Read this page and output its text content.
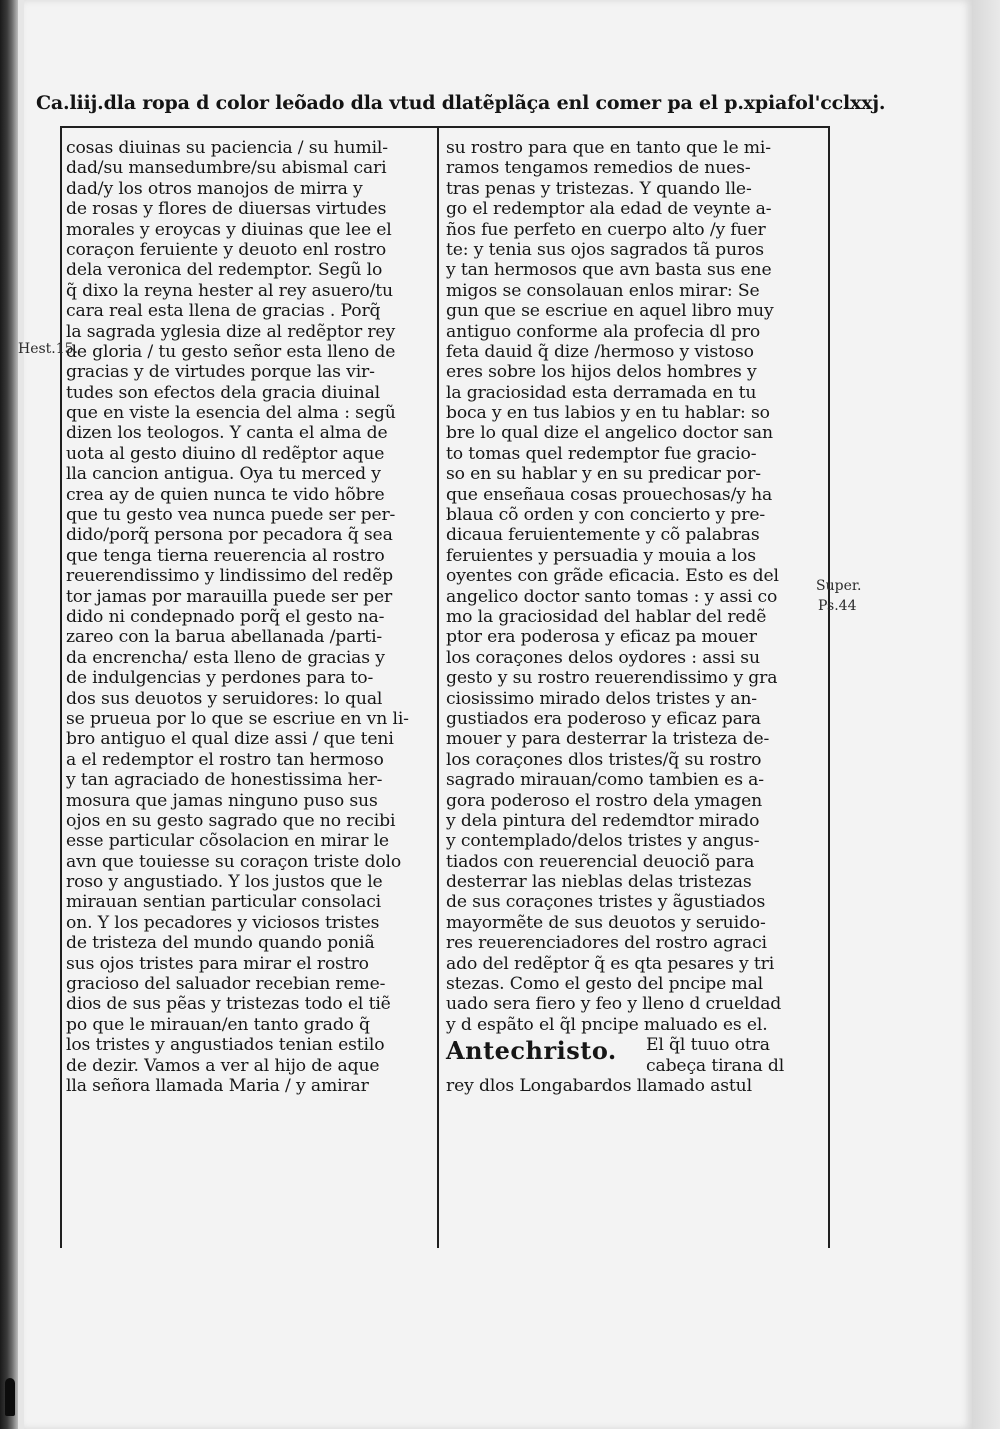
Ca.liij.dla ropa d color leõado dla vtud dlatẽplãça enl comer pa el p.xpia fol'cclxxj.
Hest.15.
Super.
Ps.44
cosas diuinas su paciencia / su humil-
dad/su mansedumbre/su abismal cari
dad/y los otros manojos de mirra y
de rosas y flores de diuersas virtudes
morales y eroycas y diuinas que lee el
coraçon feruiente y deuoto enl rostro
dela veronica del redemptor. Segũ lo
q̃ dixo la reyna hester al rey asuero/tu
cara real esta llena de gracias . Porq̃
la sagrada yglesia dize al redẽptor rey
de gloria / tu gesto señor esta lleno de
gracias y de virtudes porque las vir-
tudes son efectos dela gracia diuinal
que en viste la esencia del alma : segũ
dizen los teologos. Y canta el alma de
uota al gesto diuino dl redẽptor aque
lla cancion antigua. Oya tu merced y
crea ay de quien nunca te vido hõbre
que tu gesto vea nunca puede ser per-
dido/porq̃ persona por pecadora q̃ sea
que tenga tierna reuerencia al rostro
reuerendissimo y lindissimo del redẽp
tor jamas por marauilla puede ser per
dido ni condepnado porq̃ el gesto na-
zareo con la barua abellanada /parti-
da encrencha/ esta lleno de gracias y
de indulgencias y perdones para to-
dos sus deuotos y seruidores: lo qual
se prueua por lo que se escriue en vn li-
bro antiguo el qual dize assi / que teni
a el redemptor el rostro tan hermoso
y tan agraciado de honestissima her-
mosura que jamas ninguno puso sus
ojos en su gesto sagrado que no recibi
esse particular cõsolacion en mirar le
avn que touiesse su coraçon triste dolo
roso y angustiado. Y los justos que le
mirauan sentian particular consolaci
on. Y los pecadores y viciosos tristes
de tristeza del mundo quando poniã
sus ojos tristes para mirar el rostro
gracioso del saluador recebian reme-
dios de sus pẽas y tristezas todo el tiẽ
po que le mirauan/en tanto grado q̃
los tristes y angustiados tenian estilo
de dezir. Vamos a ver al hijo de aque
lla señora llamada Maria / y amirar
su rostro para que en tanto que le mi-
ramos tengamos remedios de nues-
tras penas y tristezas. Y quando lle-
go el redemptor ala edad de veynte a-
ños fue perfeto en cuerpo alto /y fuer
te: y tenia sus ojos sagrados tã puros
y tan hermosos que avn basta sus ene
migos se consolauan enlos mirar: Se
gun que se escriue en aquel libro muy
antiguo conforme ala profecia dl pro
feta dauid q̃ dize /hermoso y vistoso
eres sobre los hijos delos hombres y
la graciosidad esta derramada en tu
boca y en tus labios y en tu hablar: so
bre lo qual dize el angelico doctor san
to tomas quel redemptor fue gracio-
so en su hablar y en su predicar por-
que enseñaua cosas prouechosas/y ha
blaua cõ orden y con concierto y pre-
dicaua feruientemente y cõ palabras
feruientes y persuadia y mouia a los
oyentes con grãde eficacia. Esto es del
angelico doctor santo tomas : y assi co
mo la graciosidad del hablar del redẽ
ptor era poderosa y eficaz pa mouer
los coraçones delos oydores : assi su
gesto y su rostro reuerendissimo y gra
ciosissimo mirado delos tristes y an-
gustiados era poderoso y eficaz para
mouer y para desterrar la tristeza de-
los coraçones dlos tristes/q̃ su rostro
sagrado mirauan/como tambien es a-
gora poderoso el rostro dela ymagen
y dela pintura del redemdtor mirado
y contemplado/delos tristes y angus-
tiados con reuerencial deuociõ para
desterrar las nieblas delas tristezas
de sus coraçones tristes y ãgustiados
mayormẽte de sus deuotos y seruido-
res reuerenciadores del rostro agraci
ado del redẽptor q̃ es qta pesares y tri
stezas. Como el gesto del pncipe mal
uado sera fiero y feo y lleno d crueldad
y d espãto el q̃l pncipe maluado es el.
Antechristo. El q̃l tuuo otra
cabeça tirana dl
rey dlos Longabardos llamado astul
